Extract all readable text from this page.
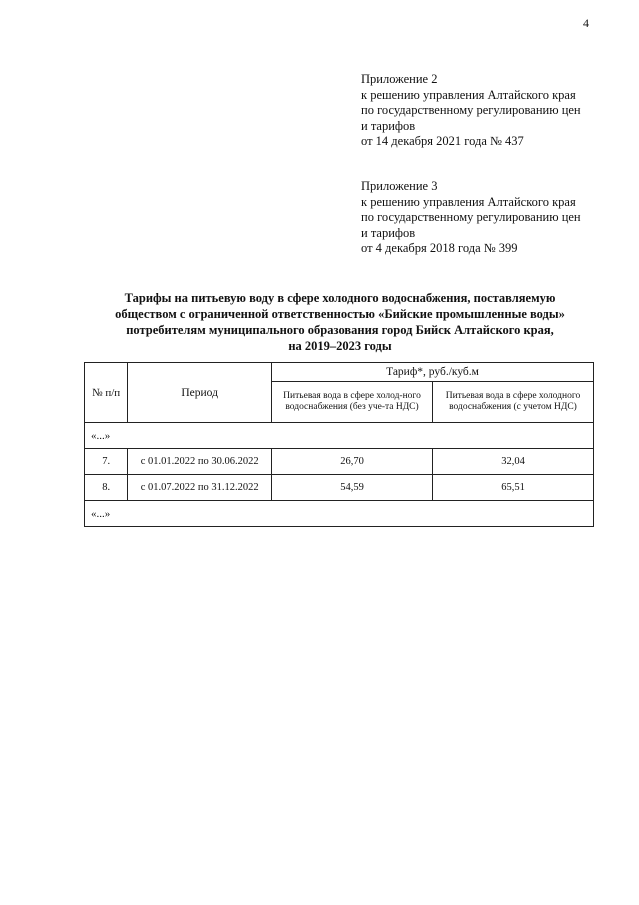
4
Приложение 2
к решению управления Алтайского края
по государственному регулированию цен
и тарифов
от 14 декабря 2021 года № 437
Приложение 3
к решению управления Алтайского края
по государственному регулированию цен
и тарифов
от 4 декабря 2018 года № 399
Тарифы на питьевую воду в сфере холодного водоснабжения, поставляемую
обществом с ограниченной ответственностью «Бийские промышленные воды»
потребителям муниципального образования город Бийск Алтайского края,
на 2019–2023 годы
№ п/п	Период	Тариф*, руб./куб.м	
		Питьевая вода в сфере холод-ного водоснабжения (без уче-та НДС)	Питьевая вода в сфере холодного водоснабжения (с учетом НДС)
«...»			
7.	с 01.01.2022 по 30.06.2022	26,70	32,04
8.	с 01.07.2022 по 31.12.2022	54,59	65,51
«...»			
